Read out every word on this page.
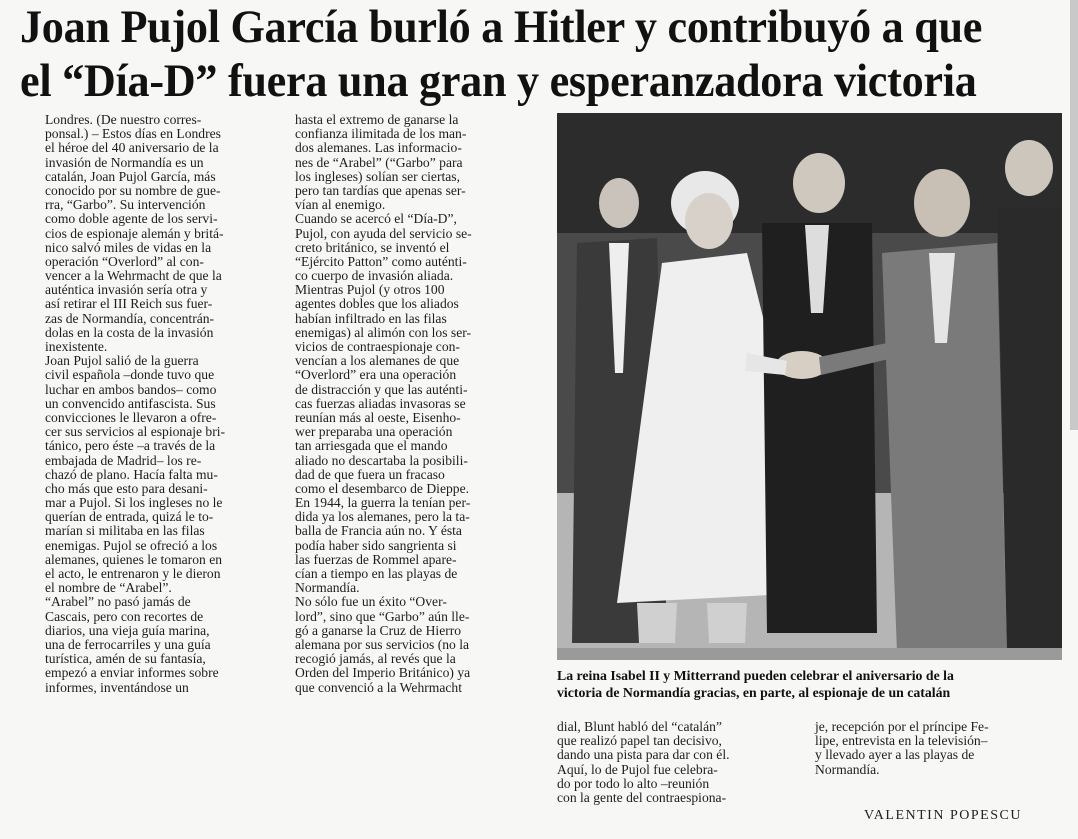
Joan Pujol García burló a Hitler y contribuyó a que
el “Día-D” fuera una gran y esperanzadora victoria
Londres. (De nuestro corres-
ponsal.) – Estos días en Londres
el héroe del 40 aniversario de la
invasión de Normandía es un
catalán, Joan Pujol García, más
conocido por su nombre de gue-
rra, “Garbo”. Su intervención
como doble agente de los servi-
cios de espionaje alemán y britá-
nico salvó miles de vidas en la
operación “Overlord” al con-
vencer a la Wehrmacht de que la
auténtica invasión sería otra y
así retirar el III Reich sus fuer-
zas de Normandía, concentrán-
dolas en la costa de la invasión
inexistente.
Joan Pujol salió de la guerra
civil española –donde tuvo que
luchar en ambos bandos– como
un convencido antifascista. Sus
convicciones le llevaron a ofre-
cer sus servicios al espionaje bri-
tánico, pero éste –a través de la
embajada de Madrid– los re-
chazó de plano. Hacía falta mu-
cho más que esto para desani-
mar a Pujol. Si los ingleses no le
querían de entrada, quizá le to-
marían si militaba en las filas
enemigas. Pujol se ofreció a los
alemanes, quienes le tomaron en
el acto, le entrenaron y le dieron
el nombre de “Arabel”.
“Arabel” no pasó jamás de
Cascais, pero con recortes de
diarios, una vieja guía marina,
una de ferrocarriles y una guía
turística, amén de su fantasía,
empezó a enviar informes sobre
informes, inventándose un
hasta el extremo de ganarse la
confianza ilimitada de los man-
dos alemanes. Las informacio-
nes de “Arabel” (“Garbo” para
los ingleses) solían ser ciertas,
pero tan tardías que apenas ser-
vían al enemigo.
Cuando se acercó el “Día-D”,
Pujol, con ayuda del servicio se-
creto británico, se inventó el
“Ejército Patton” como auténti-
co cuerpo de invasión aliada.
Mientras Pujol (y otros 100
agentes dobles que los aliados
habían infiltrado en las filas
enemigas) al alimón con los ser-
vicios de contraespionaje con-
vencían a los alemanes de que
“Overlord” era una operación
de distracción y que las auténti-
cas fuerzas aliadas invasoras se
reunían más al oeste, Eisenho-
wer preparaba una operación
tan arriesgada que el mando
aliado no descartaba la posibili-
dad de que fuera un fracaso
como el desembarco de Dieppe.
En 1944, la guerra la tenían per-
dida ya los alemanes, pero la ta-
balla de Francia aún no. Y ésta
podía haber sido sangrienta si
las fuerzas de Rommel apare-
cían a tiempo en las playas de
Normandía.
No sólo fue un éxito “Over-
lord”, sino que “Garbo” aún lle-
gó a ganarse la Cruz de Hierro
alemana por sus servicios (no la
recogió jamás, al revés que la
Orden del Imperio Británico) ya
que convenció a la Wehrmacht
La reina Isabel II y Mitterrand pueden celebrar el aniversario de la
victoria de Normandía gracias, en parte, al espionaje de un catalán
dial, Blunt habló del “catalán”
que realizó papel tan decisivo,
dando una pista para dar con él.
Aquí, lo de Pujol fue celebra-
do por todo lo alto –reunión
con la gente del contraespiona-
je, recepción por el príncipe Fe-
lipe, entrevista en la televisión–
y llevado ayer a las playas de
Normandía.
VALENTIN POPESCU
